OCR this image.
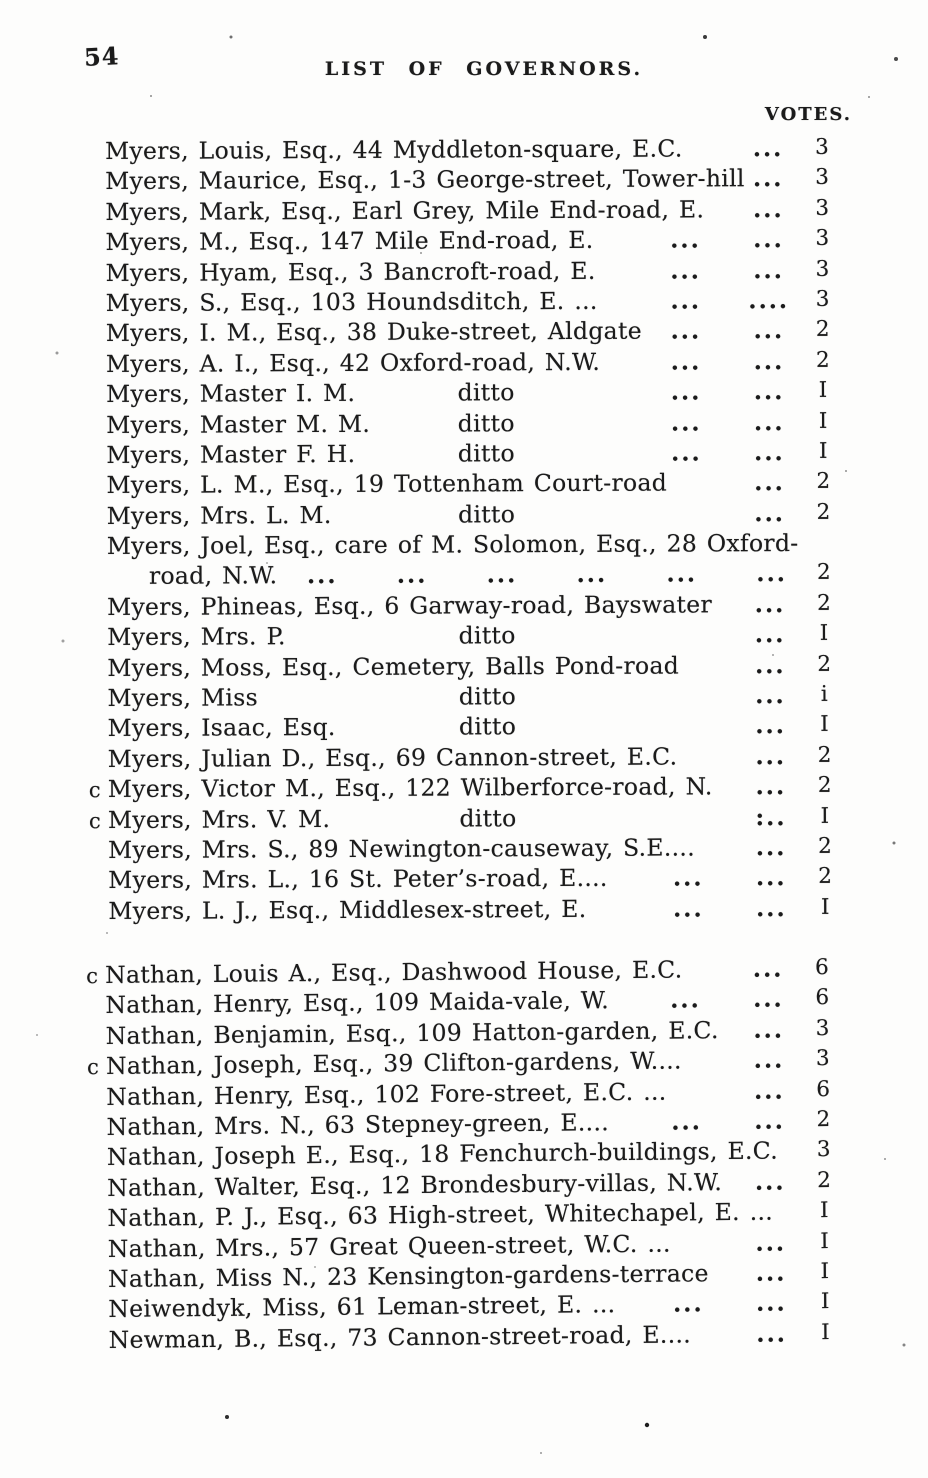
54	LIST OF GOVERNORS.
VOTES.
Myers, Louis, Esq., 44 Myddleton-square, E.C.	...	3
Myers, Maurice, Esq., 1-3 George-street, Tower-hill ...	3
Myers, Mark, Esq., Earl Grey, Mile End-road, E.	...	3
Myers, M., Esq., 147 Mile End-road, E.	...	...	3
Myers, Hyam, Esq., 3 Bancroft-road, E.	...	...	3
Myers, S., Esq., 103 Houndsditch, E. ...	...	....	3
Myers, I. M., Esq., 38 Duke-street, Aldgate	...	...	2
Myers, A. I., Esq., 42 Oxford-road, N.W.	...	...	2
Myers, Master I. M.	ditto	...	...	I
Myers, Master M. M.	ditto	...	...	I
Myers, Master F. H.	ditto	...	...	I
Myers, L. M., Esq., 19 Tottenham Court-road	...	2
Myers, Mrs. L. M.	ditto	...	2
Myers, Joel, Esq., care of M. Solomon, Esq., 28 Oxford-
road, N.W. ...	...	...	...	...	...	2
Myers, Phineas, Esq., 6 Garway-road, Bayswater	...	2
Myers, Mrs. P.	ditto	...	I
Myers, Moss, Esq., Cemetery, Balls Pond-road	...	2
Myers, Miss	ditto	...	i
Myers, Isaac, Esq.	ditto	...	I
Myers, Julian D., Esq., 69 Cannon-street, E.C.	...	2
c Myers, Victor M., Esq., 122 Wilberforce-road, N.	...	2
c Myers, Mrs. V. M.	ditto	:..	I
Myers, Mrs. S., 89 Newington-causeway, S.E....	...	2
Myers, Mrs. L., 16 St. Peter’s-road, E....	...	...	2
Myers, L. J., Esq., Middlesex-street, E.	...	...	I
c Nathan, Louis A., Esq., Dashwood House, E.C.	...	6
Nathan, Henry, Esq., 109 Maida-vale, W.	...	...	6
Nathan, Benjamin, Esq., 109 Hatton-garden, E.C.	...	3
c Nathan, Joseph, Esq., 39 Clifton-gardens, W....	...	3
Nathan, Henry, Esq., 102 Fore-street, E.C. ...	...	6
Nathan, Mrs. N., 63 Stepney-green, E....	...	...	2
Nathan, Joseph E., Esq., 18 Fenchurch-buildings, E.C.	3
Nathan, Walter, Esq., 12 Brondesbury-villas, N.W.	...	2
Nathan, P. J., Esq., 63 High-street, Whitechapel, E. ...	I
Nathan, Mrs., 57 Great Queen-street, W.C. ...	...	I
Nathan, Miss N., 23 Kensington-gardens-terrace	...	I
Neiwendyk, Miss, 61 Leman-street, E. ...	...	...	I
Newman, B., Esq., 73 Cannon-street-road, E....	...	I
